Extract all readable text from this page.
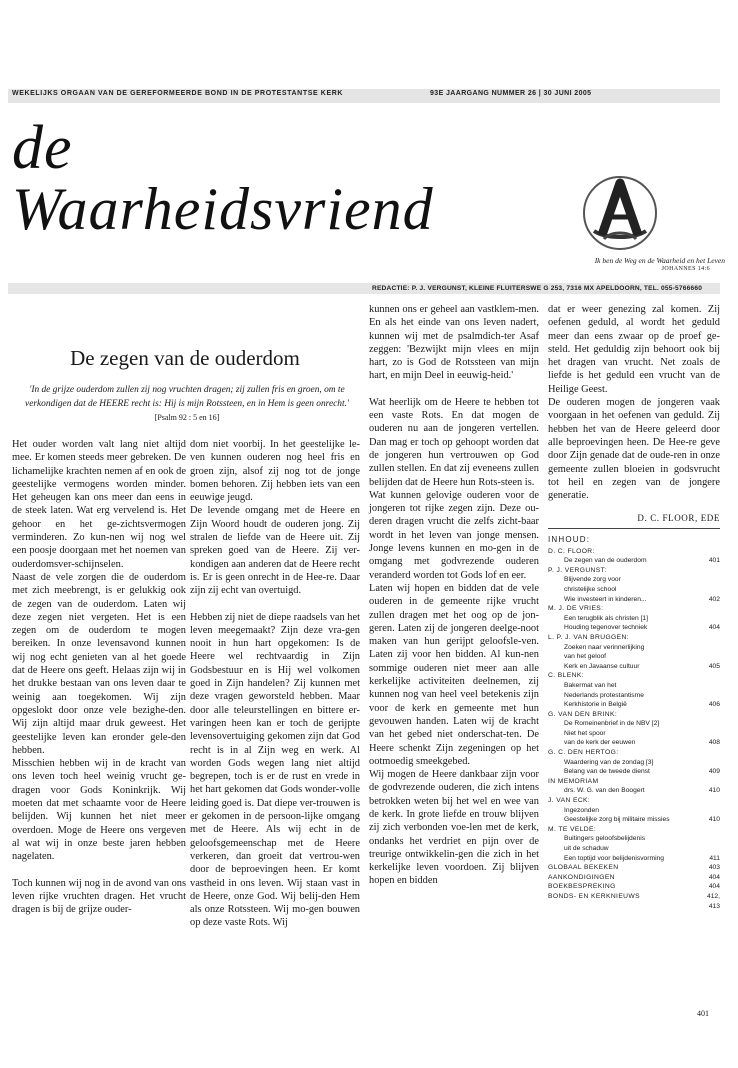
WEKELIJKS ORGAAN VAN DE GEREFORMEERDE BOND IN DE PROTESTANTSE KERK	93E JAARGANG NUMMER 26 | 30 JUNI 2005
de
Waarheidsvriend
Ik ben de Weg en de Waarheid en het Leven
JOHANNES 14:6
REDACTIE: P. J. VERGUNST, KLEINE FLUITERSWE G 253, 7316 MX APELDOORN, TEL. 055-5766660
De zegen van de ouderdom
'In de grijze ouderdom zullen zij nog vruchten dragen; zij zullen fris en groen, om te verkondigen dat de HEERE recht is: Hij is mijn Rotssteen, en in Hem is geen onrecht.'
[Psalm 92 : 5 en 16]

Het ouder worden valt lang niet altijd mee. Er komen steeds meer gebreken. De lichamelijke krachten nemen af en ook de geestelijke vermogens worden minder. Het geheugen kan ons meer dan eens in de steek laten. Wat erg vervelend is. Het gehoor en het ge-zichtsvermogen verminderen. Zo kun-nen wij nog wel een poosje doorgaan met het noemen van ouderdomsver-schijnselen.

Naast de vele zorgen die de ouderdom met zich meebrengt, is er gelukkig ook de zegen van de ouderdom. Laten wij deze zegen niet vergeten. Het is een zegen om de ouderdom te mogen bereiken. In onze levensavond kunnen wij nog echt genieten van al het goede dat de Heere ons geeft. Helaas zijn wij in het drukke bestaan van ons leven daar te weinig aan toegekomen. Wij zijn opgeslokt door onze vele bezighe-den. Wij zijn altijd maar druk geweest. Het geestelijke leven kan eronder gele-den hebben.

Misschien hebben wij in de kracht van ons leven toch heel weinig vrucht ge-dragen voor Gods Koninkrijk. Wij moeten dat met schaamte voor de Heere belijden. Wij kunnen het niet meer overdoen. Moge de Heere ons vergeven al wat wij in onze beste jaren hebben nagelaten.

Toch kunnen wij nog in de avond van ons leven rijke vruchten dragen. Het vrucht dragen is bij de grijze ouder-

dom niet voorbij. In het geestelijke le-ven kunnen ouderen nog heel fris en groen zijn, alsof zij nog tot de jonge bomen behoren. Zij hebben iets van een eeuwige jeugd.

De levende omgang met de Heere en Zijn Woord houdt de ouderen jong. Zij stralen de liefde van de Heere uit. Zij spreken goed van de Heere. Zij ver-kondigen aan anderen dat de Heere recht is. Er is geen onrecht in de Hee-re. Daar zijn zij echt van overtuigd.

Hebben zij niet de diepe raadsels van het leven meegemaakt? Zijn deze vra-gen nooit in hun hart opgekomen: Is de Heere wel rechtvaardig in Zijn Godsbestuur en is Hij wel volkomen goed in Zijn handelen? Zij kunnen met deze vragen geworsteld hebben. Maar door alle teleurstellingen en bittere er-varingen heen kan er toch de gerijpte levensovertuiging gekomen zijn dat God recht is in al Zijn weg en werk. Al worden Gods wegen lang niet altijd begrepen, toch is er de rust en vrede in het hart gekomen dat Gods wonder-volle leiding goed is. Dat diepe ver-trouwen is er gekomen in de persoon-lijke omgang met de Heere. Als wij echt in de geloofsgemeenschap met de Heere verkeren, dan groeit dat vertrou-wen door de beproevingen heen. Er komt vastheid in ons leven. Wij staan vast in de Heere, onze God. Wij belij-den Hem als onze Rotssteen. Wij mo-gen bouwen op deze vaste Rots. Wij

kunnen ons er geheel aan vastklem-men. En als het einde van ons leven nadert, kunnen wij met de psalmdich-ter Asaf zeggen: 'Bezwijkt mijn vlees en mijn hart, zo is God de Rotssteen van mijn hart, en mijn Deel in eeuwig-heid.'

Wat heerlijk om de Heere te hebben tot een vaste Rots. En dat mogen de ouderen nu aan de jongeren vertellen. Dan mag er toch op gehoopt worden dat de jongeren hun vertrouwen op God zullen stellen. En dat zij eveneens zullen belijden dat de Heere hun Rots-steen is.

Wat kunnen gelovige ouderen voor de jongeren tot rijke zegen zijn. Deze ou-deren dragen vrucht die zelfs zicht-baar wordt in het leven van jonge mensen. Jonge levens kunnen en mo-gen in de omgang met godvrezende ouderen veranderd worden tot Gods lof en eer.

Laten wij hopen en bidden dat de vele ouderen in de gemeente rijke vrucht zullen dragen met het oog op de jon-geren. Laten zij de jongeren deelge-noot maken van hun gerijpt geloofsle-ven. Laten zij voor hen bidden. Al kun-nen sommige ouderen niet meer aan alle kerkelijke activiteiten deelnemen, zij kunnen nog van heel veel betekenis zijn voor de kerk en gemeente met hun gevouwen handen. Laten wij de kracht van het gebed niet onderschat-ten. De Heere schenkt Zijn zegeningen op het ootmoedig smeekgebed.

Wij mogen de Heere dankbaar zijn voor de godvrezende ouderen, die zich intens betrokken weten bij het wel en wee van de kerk. In grote liefde en trouw blijven zij zich verbonden voe-len met de kerk, ondanks het verdriet en pijn over de treurige ontwikkelin-gen die zich in het kerkelijke leven voordoen. Zij blijven hopen en bidden

dat er weer genezing zal komen. Zij oefenen geduld, al wordt het geduld meer dan eens zwaar op de proef ge-steld. Het geduldig zijn behoort ook bij het dragen van vrucht. Net zoals de liefde is het geduld een vrucht van de Heilige Geest.

De ouderen mogen de jongeren vaak voorgaan in het oefenen van geduld. Zij hebben het van de Heere geleerd door alle beproevingen heen. De Hee-re geve door Zijn genade dat de oude-ren in onze gemeente zullen bloeien in godsvrucht tot heil en zegen van de jongere generatie.

D. C. FLOOR, EDE
INHOUD:
D. C. FLOOR:
De zegen van de ouderdom	401
P. J. VERGUNST:
Blijvende zorg voor
christelijke school
Wie investeert in kinderen...	402
M. J. DE VRIES:
Een terugblik als christen [1]
Houding tegenover techniek	404
L. P. J. VAN BRUGGEN:
Zoeken naar verinnerlijking
van het geloof
Kerk en Javaanse cultuur	405
C. BLENK:
Bakermat van het
Nederlands protestantisme
Kerkhistorie in België	406
G. VAN DEN BRINK:
De Romeinenbrief in de NBV [2]
Niet het spoor
van de kerk der eeuwen	408
G. C. DEN HERTOG:
Waardering van de zondag [3]
Belang van de tweede dienst	409
IN MEMORIAM
drs. W. G. van den Boogert	410
J. VAN ECK:
Ingezonden
Geestelijke zorg bij militaire missies	410
M. TE VELDE:
Buitingers geloofsbelijdenis
uit de schaduw
Een toptijd voor belijdenisvorming	411
GLOBAAL BEKEKEN	403
AANKONDIGINGEN	404
BOEKBESPREKING	404
BONDS- EN KERKNIEUWS	412, 413
401
